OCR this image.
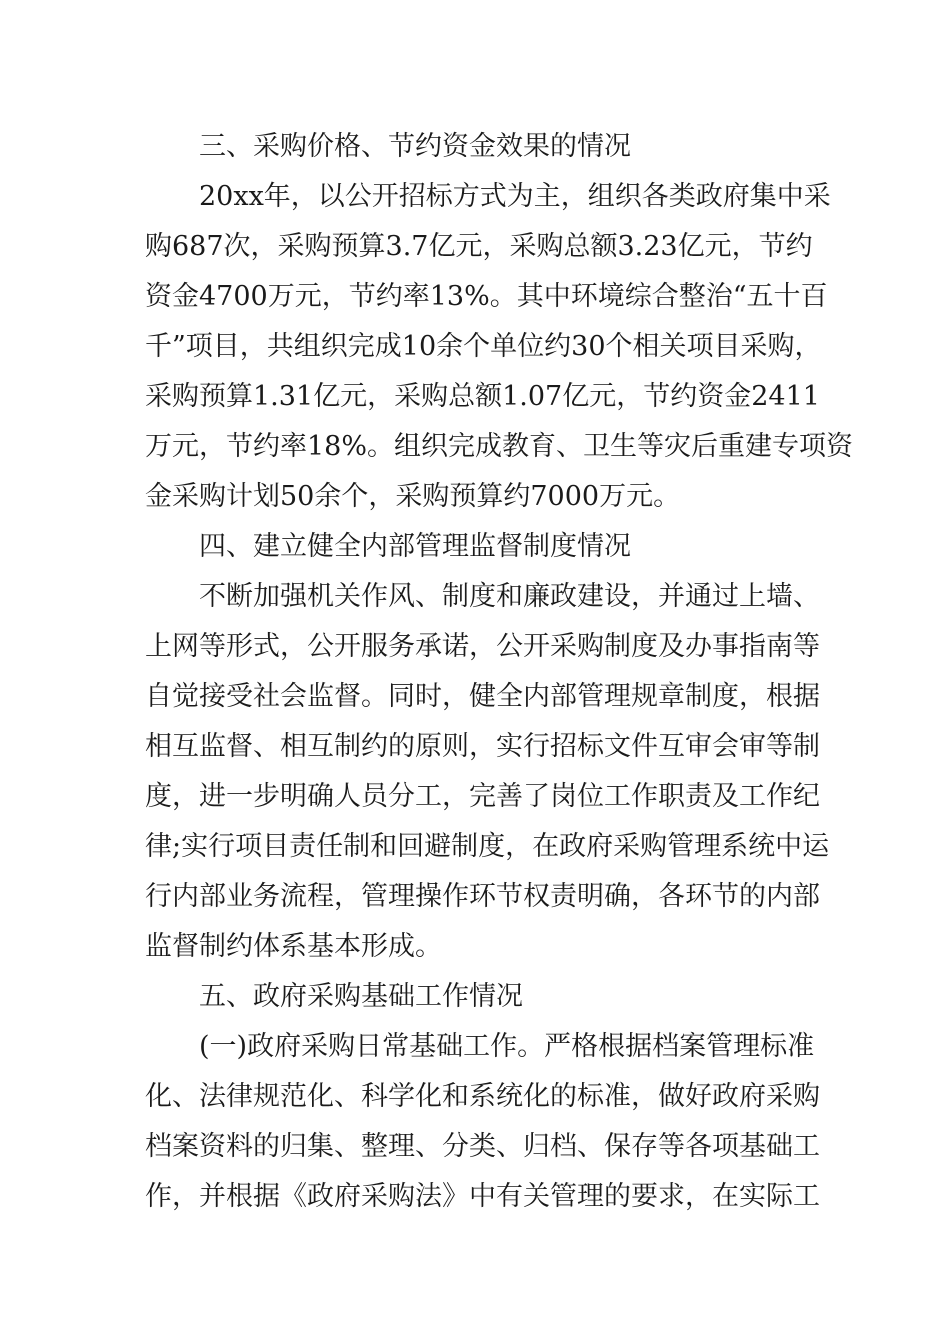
三、采购价格、节约资金效果的情况
20xx年，以公开招标方式为主，组织各类政府集中采
购687次，采购预算3.7亿元，采购总额3.23亿元，节约
资金4700万元，节约率13%。其中环境综合整治“五十百
千”项目，共组织完成10余个单位约30个相关项目采购，
采购预算1.31亿元，采购总额1.07亿元，节约资金2411
万元，节约率18%。组织完成教育、卫生等灾后重建专项资
金采购计划50余个，采购预算约7000万元。
四、建立健全内部管理监督制度情况
不断加强机关作风、制度和廉政建设，并通过上墙、
上网等形式，公开服务承诺，公开采购制度及办事指南等
自觉接受社会监督。同时，健全内部管理规章制度，根据
相互监督、相互制约的原则，实行招标文件互审会审等制
度，进一步明确人员分工，完善了岗位工作职责及工作纪
律;实行项目责任制和回避制度，在政府采购管理系统中运
行内部业务流程，管理操作环节权责明确，各环节的内部
监督制约体系基本形成。
五、政府采购基础工作情况
(一)政府采购日常基础工作。严格根据档案管理标准
化、法律规范化、科学化和系统化的标准，做好政府采购
档案资料的归集、整理、分类、归档、保存等各项基础工
作，并根据《政府采购法》中有关管理的要求，在实际工
